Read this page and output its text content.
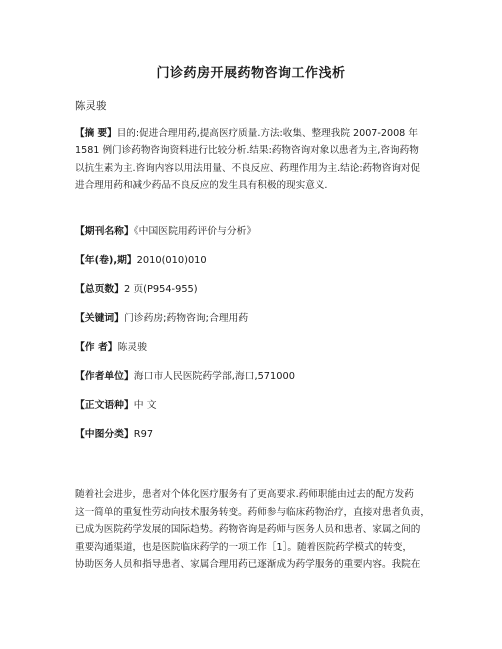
门诊药房开展药物咨询工作浅析
陈灵骏
【摘 要】目的:促进合理用药,提高医疗质量.方法:收集、整理我院 2007-2008 年
1581 例门诊药物咨询资料进行比较分析.结果:药物咨询对象以患者为主,咨询药物
以抗生素为主.咨询内容以用法用量、不良反应、药理作用为主.结论:药物咨询对促
进合理用药和减少药品不良反应的发生具有积极的现实意义.
【期刊名称】《中国医院用药评价与分析》
【年(卷),期】2010(010)010
【总页数】2 页(P954-955)
【关键词】门诊药房;药物咨询;合理用药
【作 者】陈灵骏
【作者单位】海口市人民医院药学部,海口,571000
【正文语种】中 文
【中图分类】R97
随着社会进步，患者对个体化医疗服务有了更高要求.药师职能由过去的配方发药
这一简单的重复性劳动向技术服务转变。药师参与临床药物治疗，直接对患者负责，
已成为医院药学发展的国际趋势。药物咨询是药师与医务人员和患者、家属之间的
重要沟通渠道，也是医院临床药学的一项工作［1］。随着医院药学模式的转变，
协助医务人员和指导患者、家属合理用药已逐渐成为药学服务的重要内容。我院在
